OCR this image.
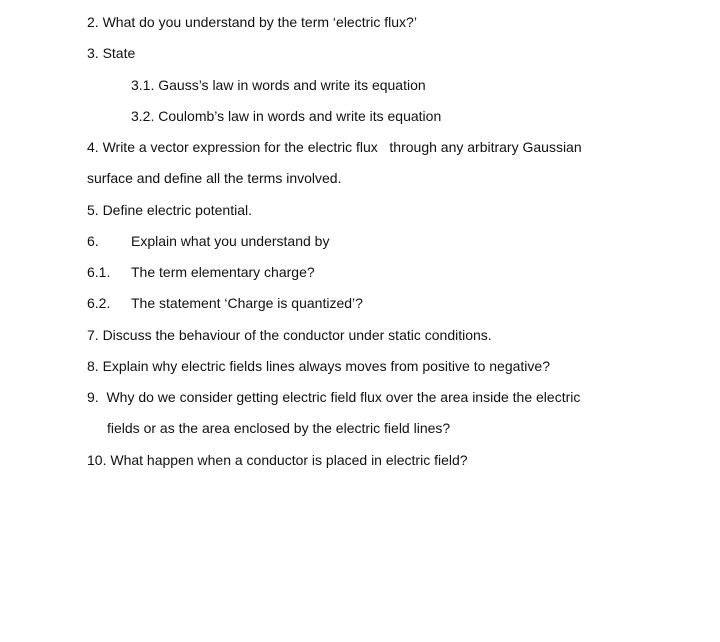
2. What do you understand by the term ‘electric flux?’
3. State
3.1. Gauss’s law in words and write its equation
3.2. Coulomb’s law in words and write its equation
4. Write a vector expression for the electric flux   through any arbitrary Gaussian
surface and define all the terms involved.
5. Define electric potential.
6. Explain what you understand by
6.1. The term elementary charge?
6.2. The statement ‘Charge is quantized’?
7. Discuss the behaviour of the conductor under static conditions.
8. Explain why electric fields lines always moves from positive to negative?
9.  Why do we consider getting electric field flux over the area inside the electric
fields or as the area enclosed by the electric field lines?
10. What happen when a conductor is placed in electric field?
